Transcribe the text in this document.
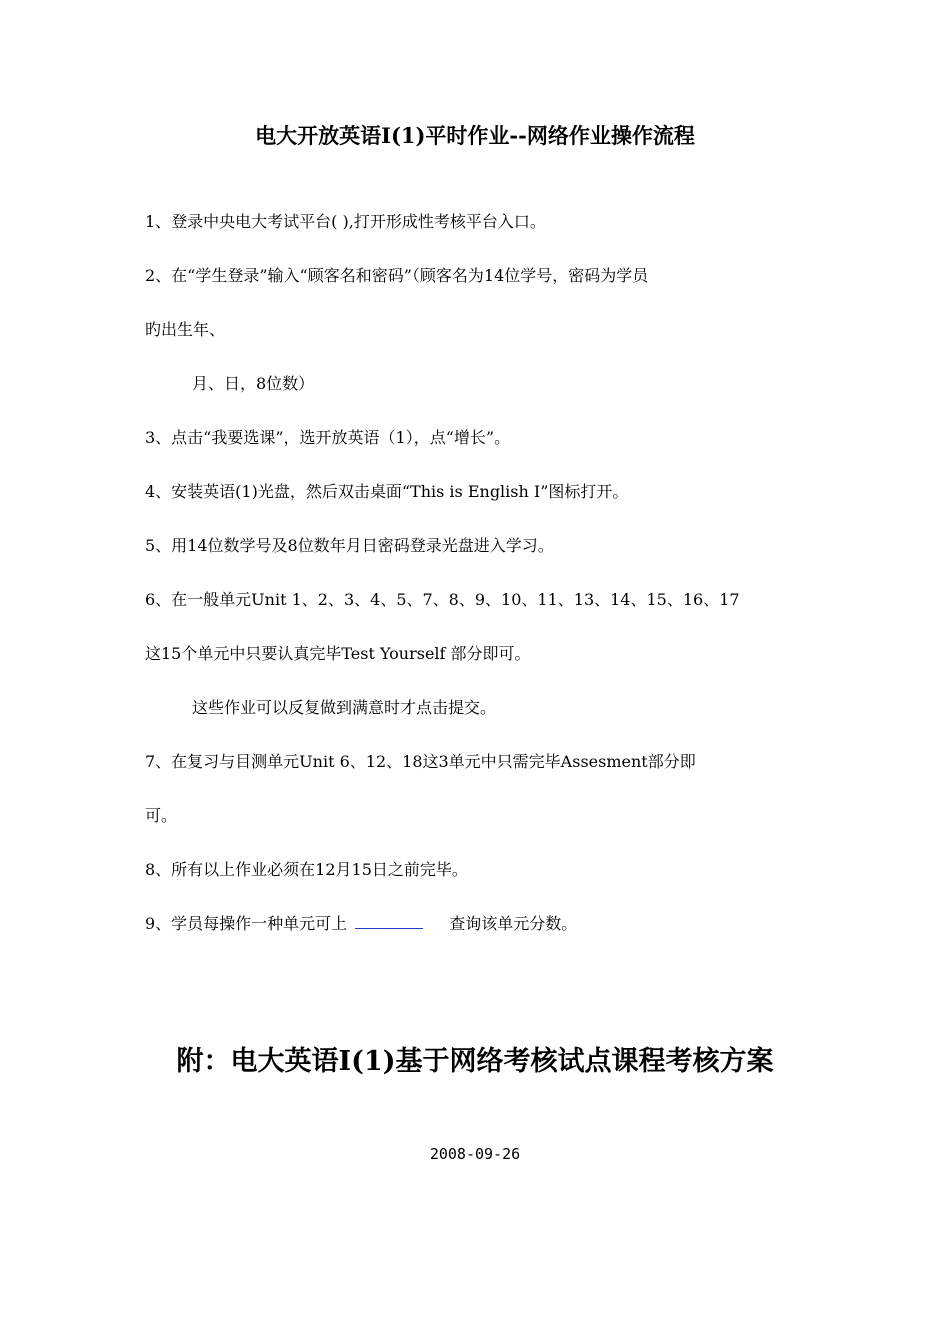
电大开放英语Ⅰ(1)平时作业--网络作业操作流程

1、登录中央电大考试平台( ),打开形成性考核平台入口。

2、在“学生登录”输入“顾客名和密码”（顾客名为14位学号，密码为学员

旳出生年、

月、日，8位数）

3、点击“我要选课”，选开放英语（1），点“增长”。

4、安装英语(1)光盘，然后双击桌面“This is English I”图标打开。

5、用14位数学号及8位数年月日密码登录光盘进入学习。

6、在一般单元Unit 1、2、3、4、5、7、8、9、10、11、13、14、15、16、17

这15个单元中只要认真完毕Test Yourself 部分即可。

这些作业可以反复做到满意时才点击提交。

7、在复习与目测单元Unit 6、12、18这3单元中只需完毕Assesment部分即

可。

8、所有以上作业必须在12月15日之前完毕。

9、学员每操作一种单元可上	查询该单元分数。

附：电大英语Ⅰ(1)基于网络考核试点课程考核方案
2008-09-26
